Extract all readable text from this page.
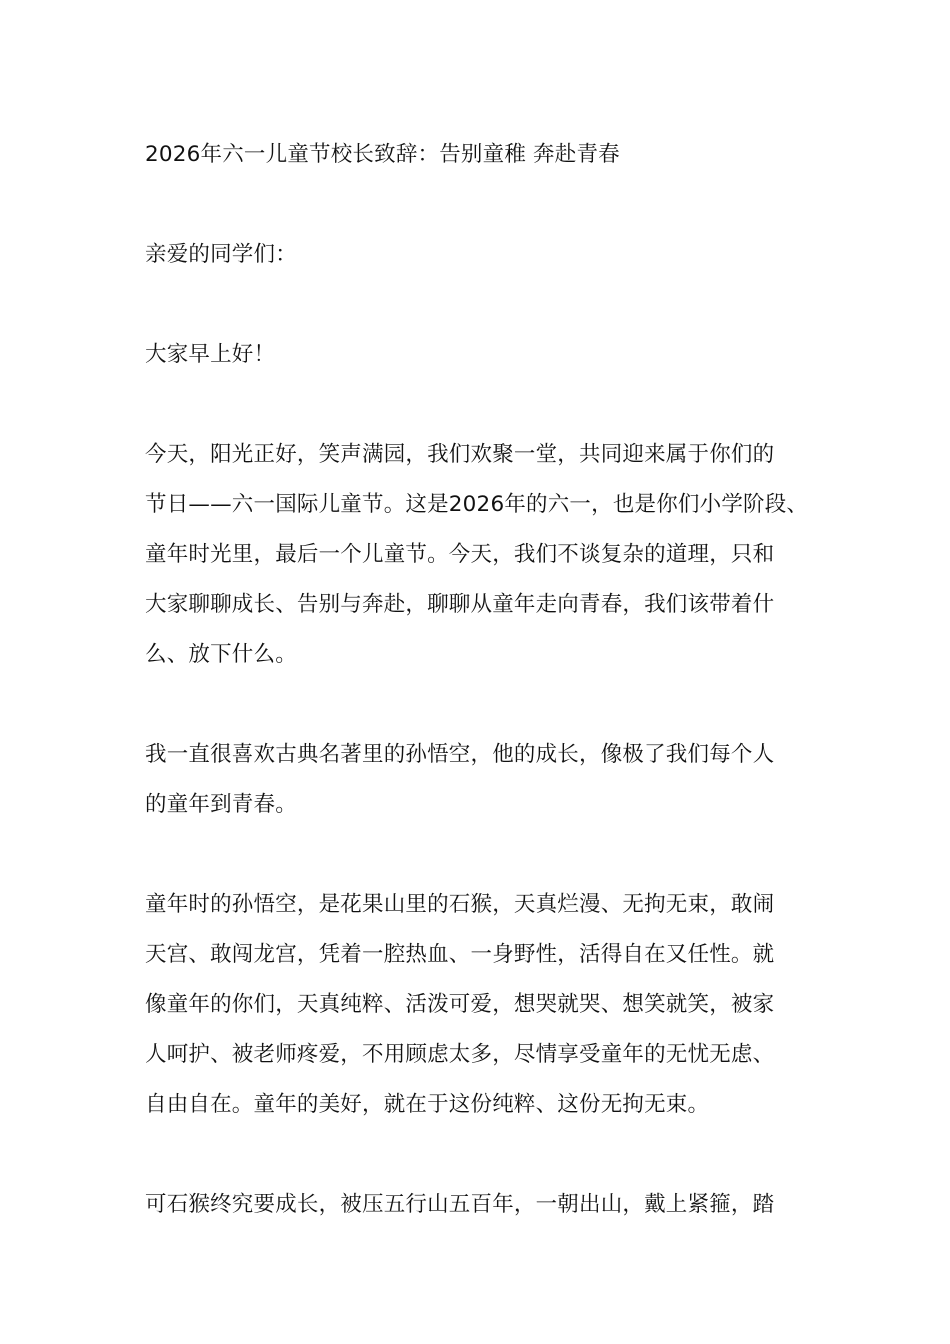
2026年六一儿童节校长致辞：告别童稚 奔赴青春
亲爱的同学们：
大家早上好！
今天，阳光正好，笑声满园，我们欢聚一堂，共同迎来属于你们的
节日——六一国际儿童节。这是2026年的六一，也是你们小学阶段、
童年时光里，最后一个儿童节。今天，我们不谈复杂的道理，只和
大家聊聊成长、告别与奔赴，聊聊从童年走向青春，我们该带着什
么、放下什么。
我一直很喜欢古典名著里的孙悟空，他的成长，像极了我们每个人
的童年到青春。
童年时的孙悟空，是花果山里的石猴，天真烂漫、无拘无束，敢闹
天宫、敢闯龙宫，凭着一腔热血、一身野性，活得自在又任性。就
像童年的你们，天真纯粹、活泼可爱，想哭就哭、想笑就笑，被家
人呵护、被老师疼爱，不用顾虑太多，尽情享受童年的无忧无虑、
自由自在。童年的美好，就在于这份纯粹、这份无拘无束。
可石猴终究要成长，被压五行山五百年，一朝出山，戴上紧箍，踏
